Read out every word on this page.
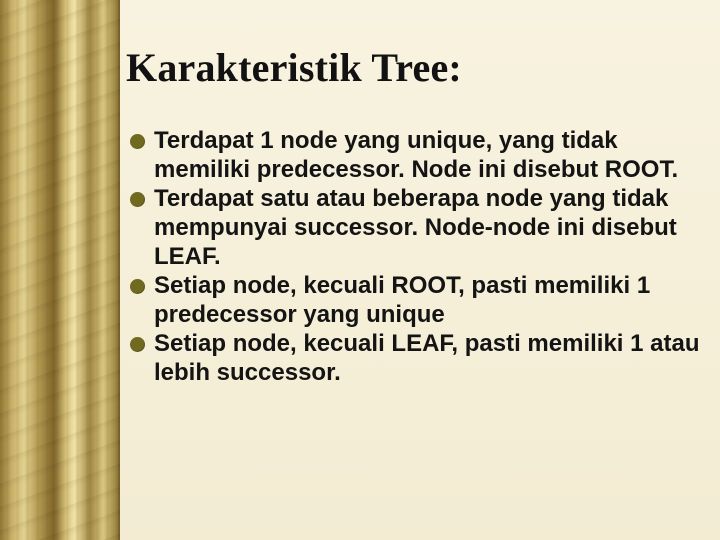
Karakteristik Tree:
Terdapat 1 node yang unique, yang tidak memiliki predecessor. Node ini disebut ROOT.
Terdapat satu atau beberapa node yang tidak mempunyai successor. Node-node ini disebut LEAF.
Setiap node, kecuali ROOT, pasti memiliki 1 predecessor yang unique
Setiap node, kecuali LEAF, pasti memiliki 1 atau lebih successor.
